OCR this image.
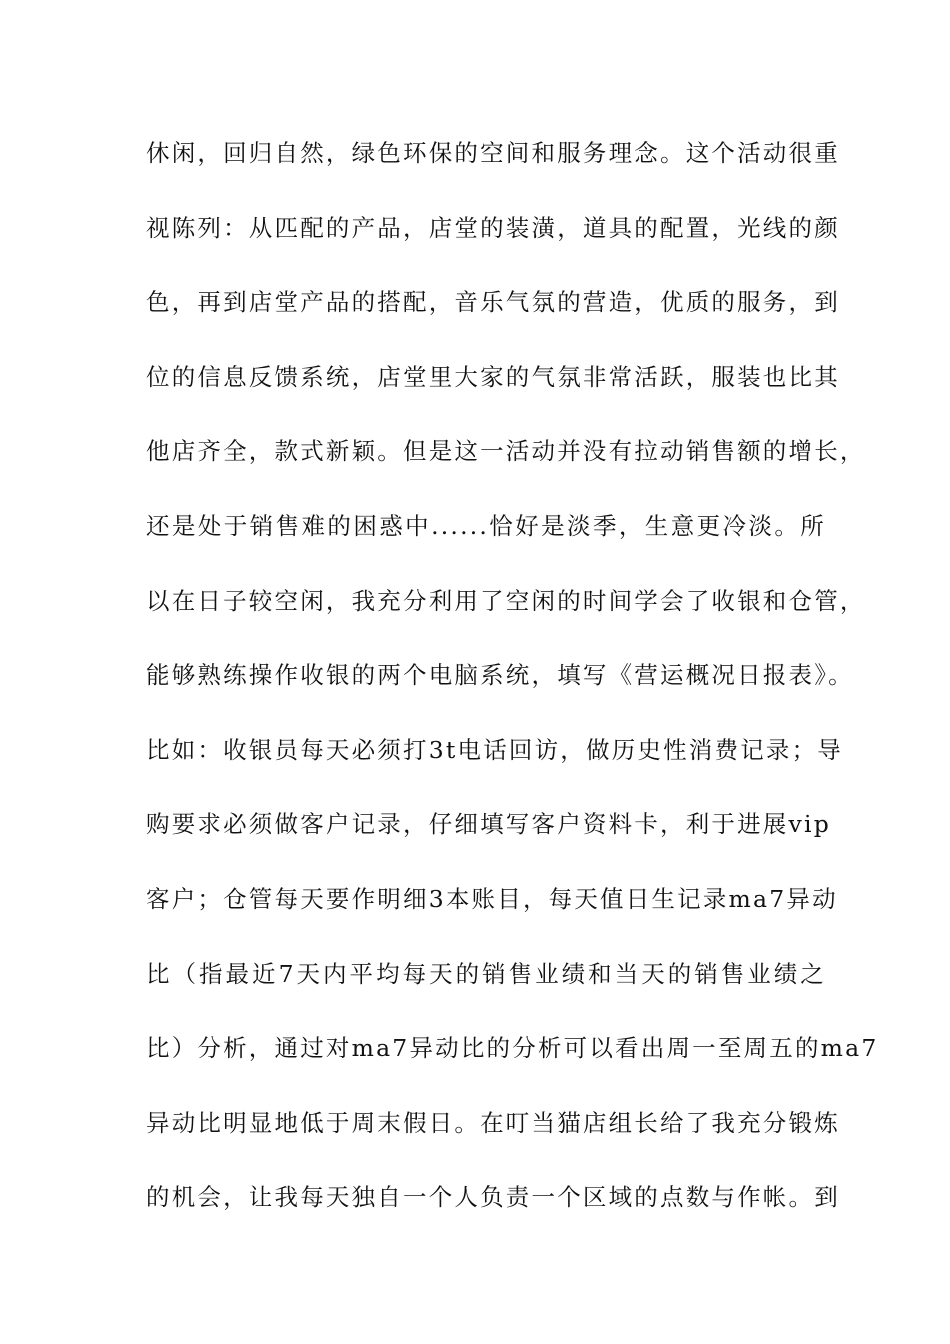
休闲，回归自然，绿色环保的空间和服务理念。这个活动很重
视陈列：从匹配的产品，店堂的装潢，道具的配置，光线的颜
色，再到店堂产品的搭配，音乐气氛的营造，优质的服务，到
位的信息反馈系统，店堂里大家的气氛非常活跃，服装也比其
他店齐全，款式新颖。但是这一活动并没有拉动销售额的增长，
还是处于销售难的困惑中......恰好是淡季，生意更冷淡。所
以在日子较空闲，我充分利用了空闲的时间学会了收银和仓管，
能够熟练操作收银的两个电脑系统，填写《营运概况日报表》。
比如：收银员每天必须打3t电话回访，做历史性消费记录；导
购要求必须做客户记录，仔细填写客户资料卡，利于进展vip
客户；仓管每天要作明细3本账目，每天值日生记录ma7异动
比（指最近7天内平均每天的销售业绩和当天的销售业绩之
比）分析，通过对ma7异动比的分析可以看出周一至周五的ma7
异动比明显地低于周末假日。在叮当猫店组长给了我充分锻炼
的机会，让我每天独自一个人负责一个区域的点数与作帐。到
